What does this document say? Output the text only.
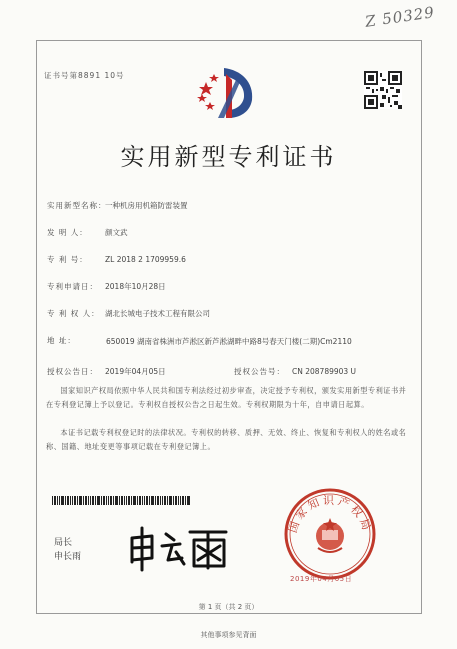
Z 50329
证书号第8891 10号
实用新型专利证书
实用新型名称：一种机房用机箱防雷装置
发 明 人： 颜文武
专 利 号： ZL 2018 2 1709959.6
专利申请日： 2018年10月28日
专 利 权 人： 湖北长城电子技术工程有限公司
地 址：	650019 湖南省株洲市芦淞区新芦淞湖畔中路8号春天门楼(二期)Cm2110
授权公告日： 2019年04月05日	授权公告号： CN 208789903 U
国家知识产权局依照中华人民共和国专利法经过初步审查，决定授予专利权，颁发实用新型专利证书并在专利登记簿上予以登记。专利权自授权公告之日起生效。专利权期限为十年，自申请日起算。
本证书记载专利权登记时的法律状况。专利权的转移、质押、无效、终止、恢复和专利权人的姓名或名称、国籍、地址变更等事项记载在专利登记簿上。
局长
申长雨
国家知识产权局
2019年04月05日
第 1 页（共 2 页）
其他事项参见背面
